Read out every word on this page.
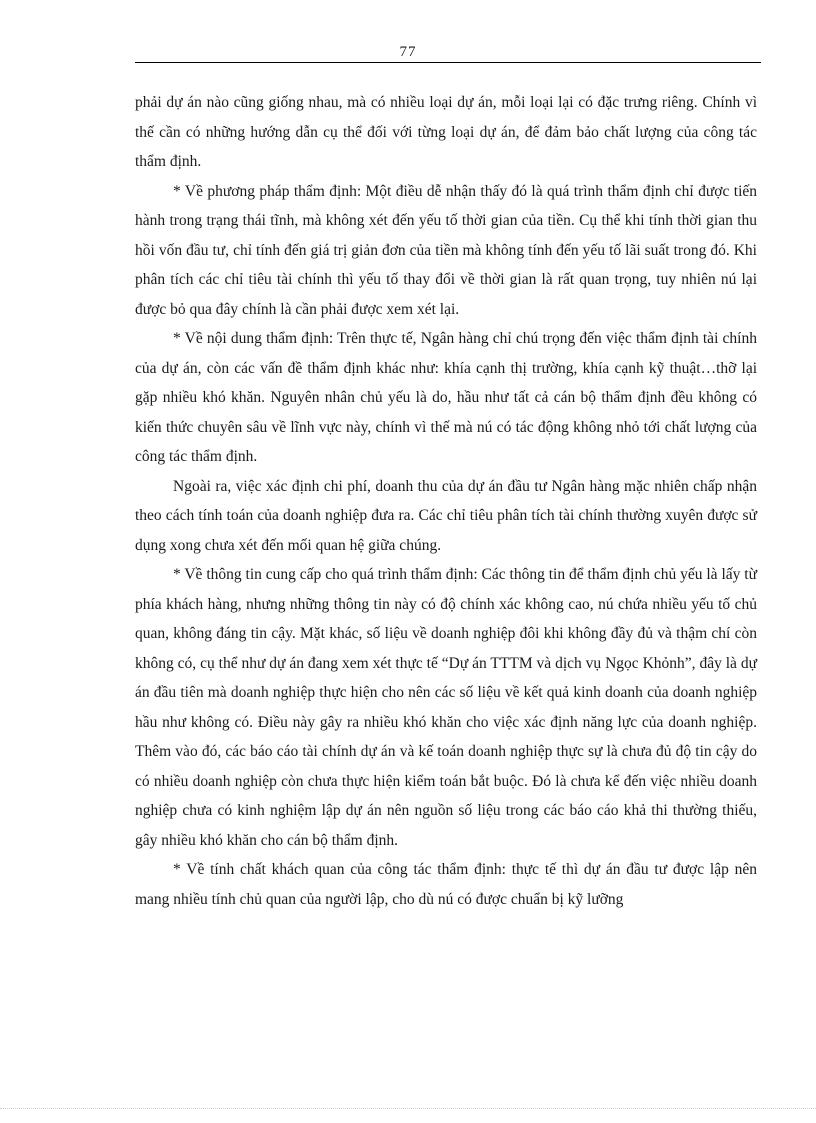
77

phải dự án nào cũng giống nhau, mà có nhiều loại dự án, mỗi loại lại có đặc trưng riêng. Chính vì thế cần có những hướng dẫn cụ thể đối với từng loại dự án, để đảm bảo chất lượng của công tác thẩm định.

* Về phương pháp thẩm định: Một điều dễ nhận thấy đó là quá trình thẩm định chỉ được tiến hành trong trạng thái tĩnh, mà không xét đến yếu tố thời gian của tiền. Cụ thể khi tính thời gian thu hồi vốn đầu tư, chỉ tính đến giá trị giản đơn của tiền mà không tính đến yếu tố lãi suất trong đó. Khi phân tích các chỉ tiêu tài chính thì yếu tố thay đổi về thời gian là rất quan trọng, tuy nhiên nú lại được bỏ qua đây chính là cần phải được xem xét lại.

* Về nội dung thẩm định: Trên thực tế, Ngân hàng chỉ chú trọng đến việc thẩm định tài chính của dự án, còn các vấn đề thẩm định khác như: khía cạnh thị trường, khía cạnh kỹ thuật…thỡ lại gặp nhiều khó khăn. Nguyên nhân chủ yếu là do, hầu như tất cả cán bộ thẩm định đều không có kiến thức chuyên sâu về lĩnh vực này, chính vì thế mà nú có tác động không nhỏ tới chất lượng của công tác thẩm định.

Ngoài ra, việc xác định chi phí, doanh thu của dự án đầu tư Ngân hàng mặc nhiên chấp nhận theo cách tính toán của doanh nghiệp đưa ra. Các chỉ tiêu phân tích tài chính thường xuyên được sử dụng xong chưa xét đến mối quan hệ giữa chúng.

* Về thông tin cung cấp cho quá trình thẩm định: Các thông tin để thẩm định chủ yếu là lấy từ phía khách hàng, nhưng những thông tin này có độ chính xác không cao, nú chứa nhiều yếu tố chủ quan, không đáng tin cậy. Mặt khác, số liệu về doanh nghiệp đôi khi không đầy đủ và thậm chí còn không có, cụ thể như dự án đang xem xét thực tế “Dự án TTTM và dịch vụ Ngọc Khỏnh”, đây là dự án đầu tiên mà doanh nghiệp thực hiện cho nên các số liệu về kết quả kinh doanh của doanh nghiệp hầu như không có. Điều này gây ra nhiều khó khăn cho việc xác định năng lực của doanh nghiệp. Thêm vào đó, các báo cáo tài chính dự án và kế toán doanh nghiệp thực sự là chưa đủ độ tin cậy do có nhiều doanh nghiệp còn chưa thực hiện kiểm toán bắt buộc. Đó là chưa kể đến việc nhiều doanh nghiệp chưa có kinh nghiệm lập dự án nên nguồn số liệu trong các báo cáo khả thi thường thiếu, gây nhiều khó khăn cho cán bộ thẩm định.

* Về tính chất khách quan của công tác thẩm định: thực tế thì dự án đầu tư được lập nên mang nhiều tính chủ quan của người lập, cho dù nú có được chuẩn bị kỹ lưỡng
